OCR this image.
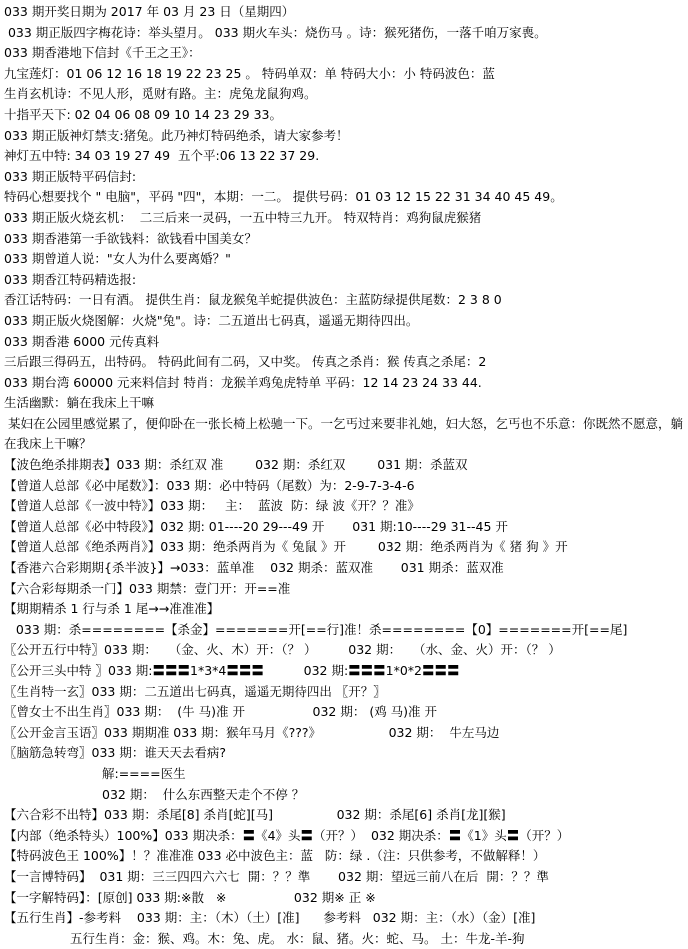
033 期开奖日期为 2017 年 03 月 23 日（星期四）
033 期正版四字梅花诗：举头望月。 033 期火车头：烧伤马 。诗：猴死猪伤，一落千咱万家喪。
033 期香港地下信封《千王之王》：
九宝莲灯：01 06 12 16 18 19 22 23 25 。 特码单双：单 特码大小：小 特码波色：蓝
生肖玄机诗：不见人形，觅财有路。主：虎兔龙鼠狗鸡。
十指平天下: 02 04 06 08 09 10 14 23 29 33。
033 期正版神灯禁支:猪兔。此乃神灯特码绝杀，请大家参考！
神灯五中特: 34 03 19 27 49  五个平:06 13 22 37 29.
033 期正版特平码信封:
特码心想要找个 " 电脑"，平码 "四"，本期：一二。 提供号码：01 03 12 15 22 31 34 40 45 49。
033 期正版火烧玄机：  二三后来一灵码，一五中特三九开。 特双特肖：鸡狗鼠虎猴猪
033 期香港第一手欲钱料：欲钱看中国美女？
033 期曾道人说："女人为什么要离婚？"
033 期香江特码精选报:
香江话特码：一日有酒。 提供生肖：鼠龙猴兔羊蛇提供波色：主蓝防绿提供尾数：2 3 8 0
033 期正版火烧图解：火烧"兔"。诗：二五道出七码真，遥遥无期待四出。
033 期香港 6000 元传真料
三后跟三得码五，出特码。 特码此间有二码，又中奖。 传真之杀肖：猴 传真之杀尾：2
033 期台湾 60000 元来料信封 特肖：龙猴羊鸡兔虎特单 平码：12 14 23 24 33 44.
生活幽默：躺在我床上干嘛
某妇在公园里感觉累了，便仰卧在一张长椅上松驰一下。一乞丐过来要非礼她，妇大怒，乞丐也不乐意：你既然不愿意，躺在我床上干嘛？
【波色绝杀排期表】033 期：杀红双 准        032 期：杀红双        031 期：杀蓝双
【曾道人总部《必中尾数》】：033 期：必中特码（尾数）为：2-9-7-3-4-6
【曾道人总部《一波中特》】033 期：   主：  蓝波  防：绿 波《开？？准》
【曾道人总部《必中特段》】032 期: 01----20 29---49 开       031 期:10----29 31--45 开
【曾道人总部《绝杀两肖》】033 期：绝杀两肖为《 兔鼠 》开        032 期：绝杀两肖为《 猪 狗 》开
【香港六合彩期期{杀半波}】→033：蓝单准    032 期杀：蓝双准       031 期杀：蓝双准
【六合彩每期杀一门】033 期禁：壹门开：开==准
【期期精杀 1 行与杀 1 尾→→准准准】
033 期：杀========【杀金】=======开[==行]准！杀========【0】=======开[==尾]
〖公开五行中特〗033 期：   （金、火、木）开：（？ ）        032 期：   （水、金、火）开：（？ ）
〖公开三头中特 〗033 期:〓〓〓1*3*4〓〓〓          032 期:〓〓〓1*0*2〓〓〓
〖生肖特一玄〗033 期：二五道出七码真，遥遥无期待四出 〖开？〗
〖曾女士不出生肖〗033 期：  (牛 马)准 开                 032 期： (鸡 马)准 开
〖公开金言玉语〗033 期期准 033 期：猴年马月《???》                 032 期：  牛左马边
〖脑筋急转弯〗033 期：谁天天去看病?
解:====医生
032 期：  什么东西整天走个不停 ？
【六合彩不出特】033 期：杀尾[8] 杀肖[蛇][马]                032 期：杀尾[6] 杀肖[龙][猴]
【内部（绝杀特头）100%】033 期决杀：〓《4》头〓（开？）  032 期决杀：〓《1》头〓（开？）
【特码波色王 100%】！？准准准 033 必中波色主：蓝   防：绿 .（注：只供参考，不做解释！）
【一言博特码】  031 期：三三四四六六七  開：？？準       032 期：望远三前八在后  開：？？準
【一字解特码】：[原创] 033 期:※散   ※                 032 期※ 正 ※
【五行生肖】-参考料    033 期：主：（木）（土）[准]      参考料   032 期：主：（水）（金）[准]
五行生肖：金：猴、鸡。木：兔、虎。 水：鼠、猪。火：蛇、马。 土：牛龙-羊-狗
